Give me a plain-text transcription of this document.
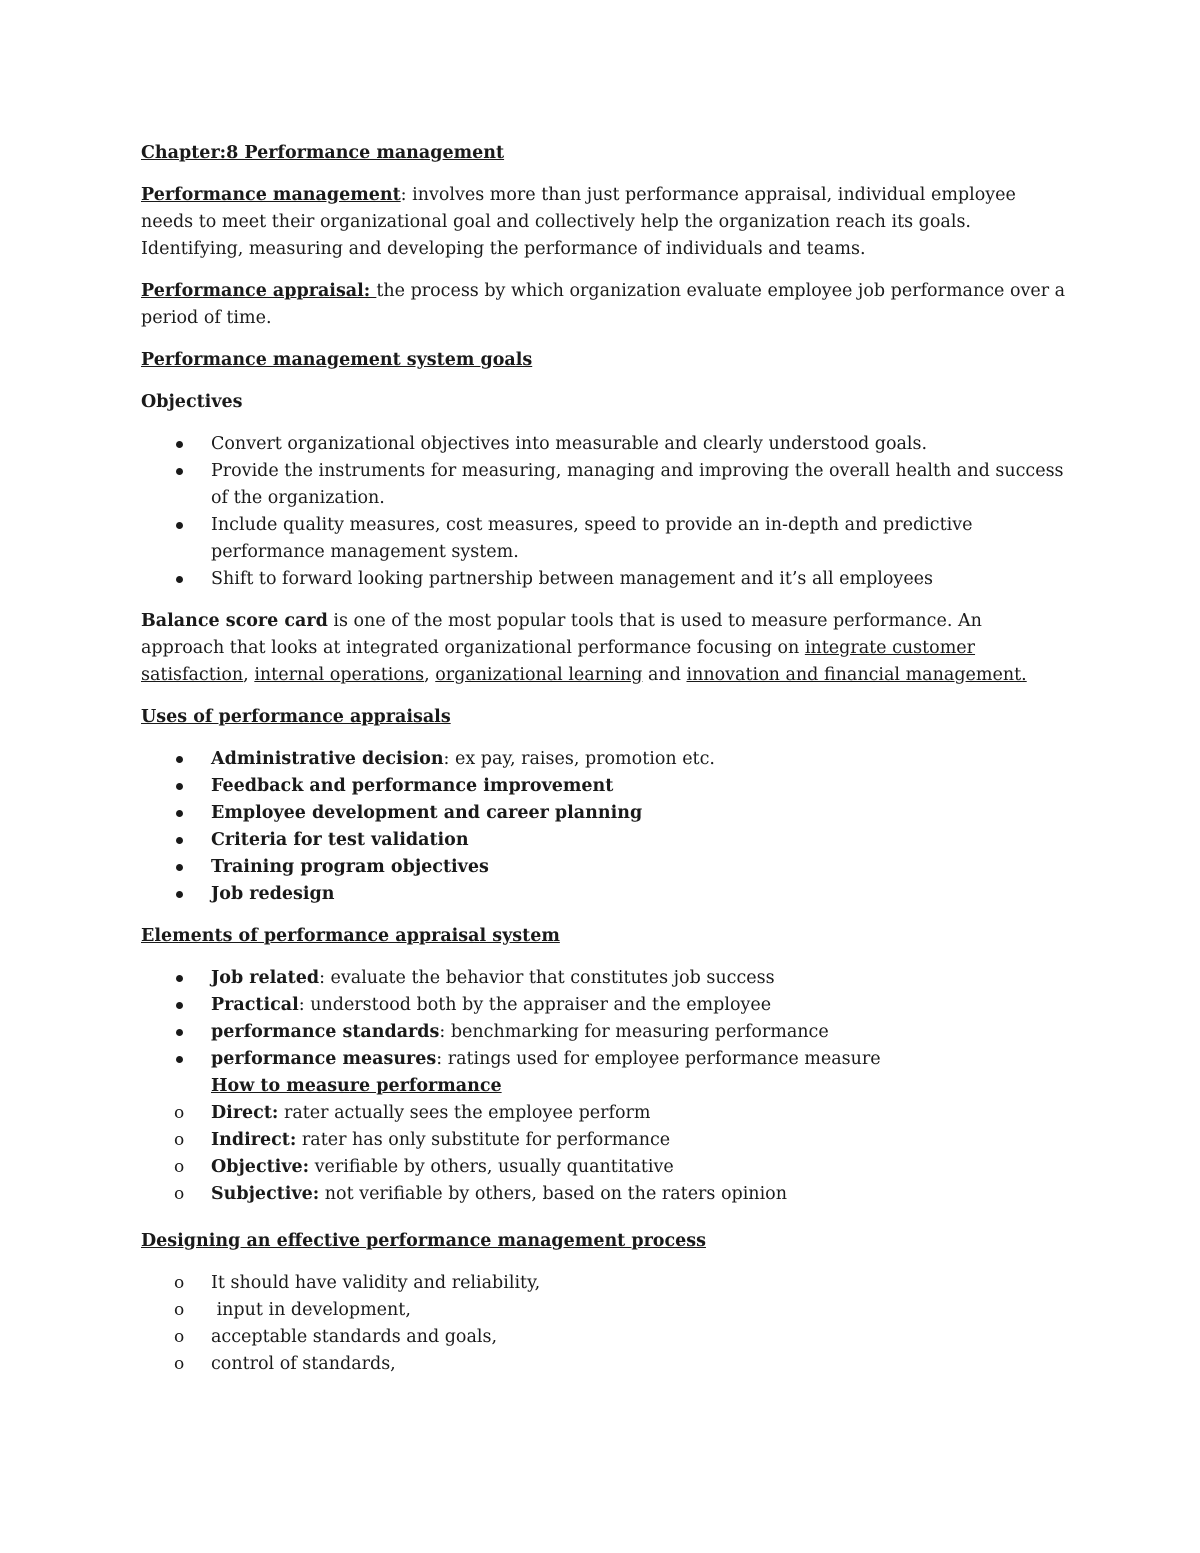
Chapter:8 Performance management

Performance management: involves more than just performance appraisal, individual employee needs to meet their organizational goal and collectively help the organization reach its goals. Identifying, measuring and developing the performance of individuals and teams.

Performance appraisal: the process by which organization evaluate employee job performance over a period of time.

Performance management system goals

Objectives

Convert organizational objectives into measurable and clearly understood goals.
Provide the instruments for measuring, managing and improving the overall health and success of the organization.
Include quality measures, cost measures, speed to provide an in-depth and predictive performance management system.
Shift to forward looking partnership between management and it’s all employees

Balance score card is one of the most popular tools that is used to measure performance. An approach that looks at integrated organizational performance focusing on integrate customer satisfaction, internal operations, organizational learning and innovation and financial management.

Uses of performance appraisals

Administrative decision: ex pay, raises, promotion etc.
Feedback and performance improvement
Employee development and career planning
Criteria for test validation
Training program objectives
Job redesign

Elements of performance appraisal system

Job related: evaluate the behavior that constitutes job success
Practical: understood both by the appraiser and the employee
performance standards: benchmarking for measuring performance
performance measures: ratings used for employee performance measure
How to measure performance
o	Direct: rater actually sees the employee perform
o	Indirect: rater has only substitute for performance
o	Objective: verifiable by others, usually quantitative
o	Subjective: not verifiable by others, based on the raters opinion

Designing an effective performance management process

o	It should have validity and reliability,
o	input in development,
o	acceptable standards and goals,
o	control of standards,
